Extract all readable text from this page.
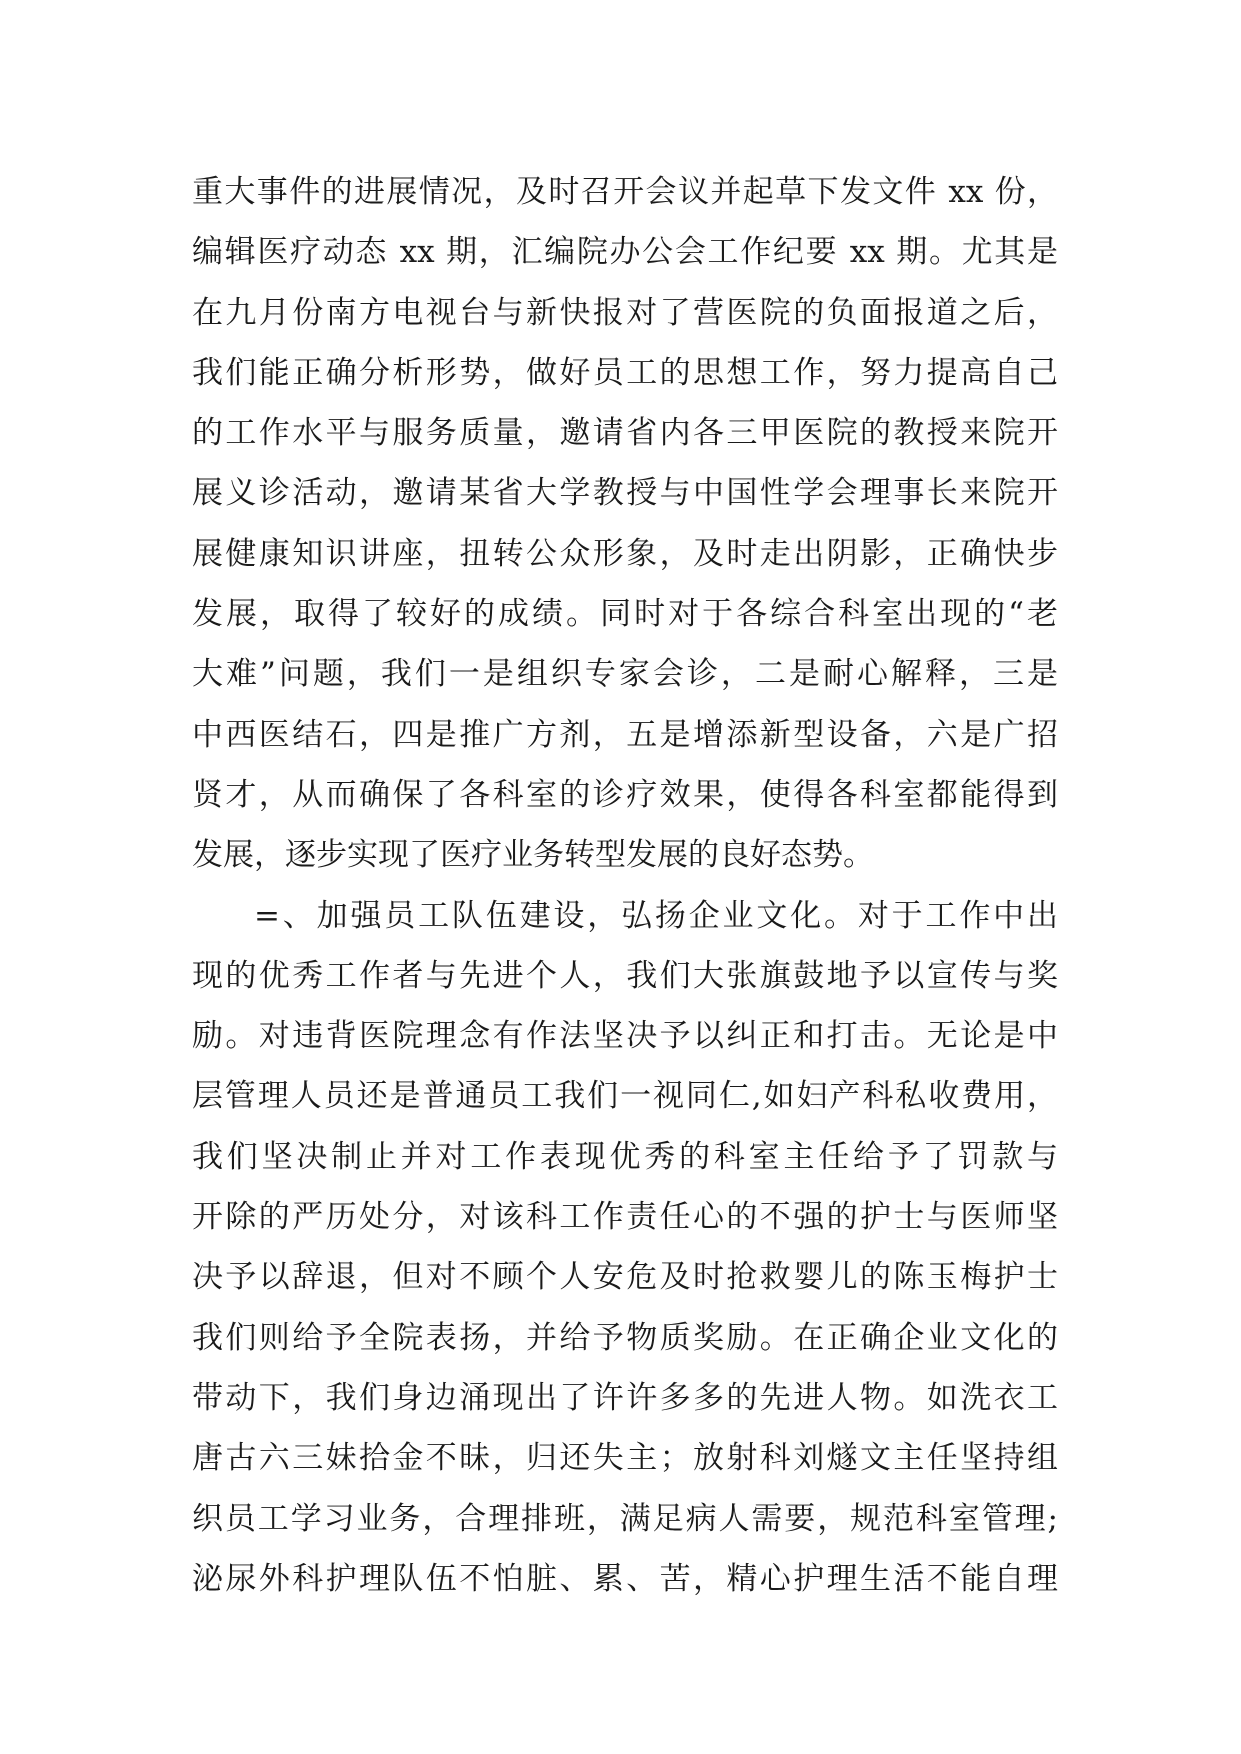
重大事件的进展情况，及时召开会议并起草下发文件 xx 份，
编辑医疗动态 xx 期，汇编院办公会工作纪要 xx 期。尤其是
在九月份南方电视台与新快报对了营医院的负面报道之后，
我们能正确分析形势，做好员工的思想工作，努力提高自己
的工作水平与服务质量，邀请省内各三甲医院的教授来院开
展义诊活动，邀请某省大学教授与中国性学会理事长来院开
展健康知识讲座，扭转公众形象，及时走出阴影，正确快步
发展，取得了较好的成绩。同时对于各综合科室出现的“老
大难”问题，我们一是组织专家会诊，二是耐心解释，三是
中西医结石，四是推广方剂，五是增添新型设备，六是广招
贤才，从而确保了各科室的诊疗效果，使得各科室都能得到
发展，逐步实现了医疗业务转型发展的良好态势。
=、加强员工队伍建设，弘扬企业文化。对于工作中出
现的优秀工作者与先进个人，我们大张旗鼓地予以宣传与奖
励。对违背医院理念有作法坚决予以纠正和打击。无论是中
层管理人员还是普通员工我们一视同仁,如妇产科私收费用，
我们坚决制止并对工作表现优秀的科室主任给予了罚款与
开除的严历处分，对该科工作责任心的不强的护士与医师坚
决予以辞退，但对不顾个人安危及时抢救婴儿的陈玉梅护士
我们则给予全院表扬，并给予物质奖励。在正确企业文化的
带动下，我们身边涌现出了许许多多的先进人物。如洗衣工
唐古六三妹拾金不昧，归还失主；放射科刘燧文主任坚持组
织员工学习业务，合理排班，满足病人需要，规范科室管理;
泌尿外科护理队伍不怕脏、累、苦，精心护理生活不能自理
